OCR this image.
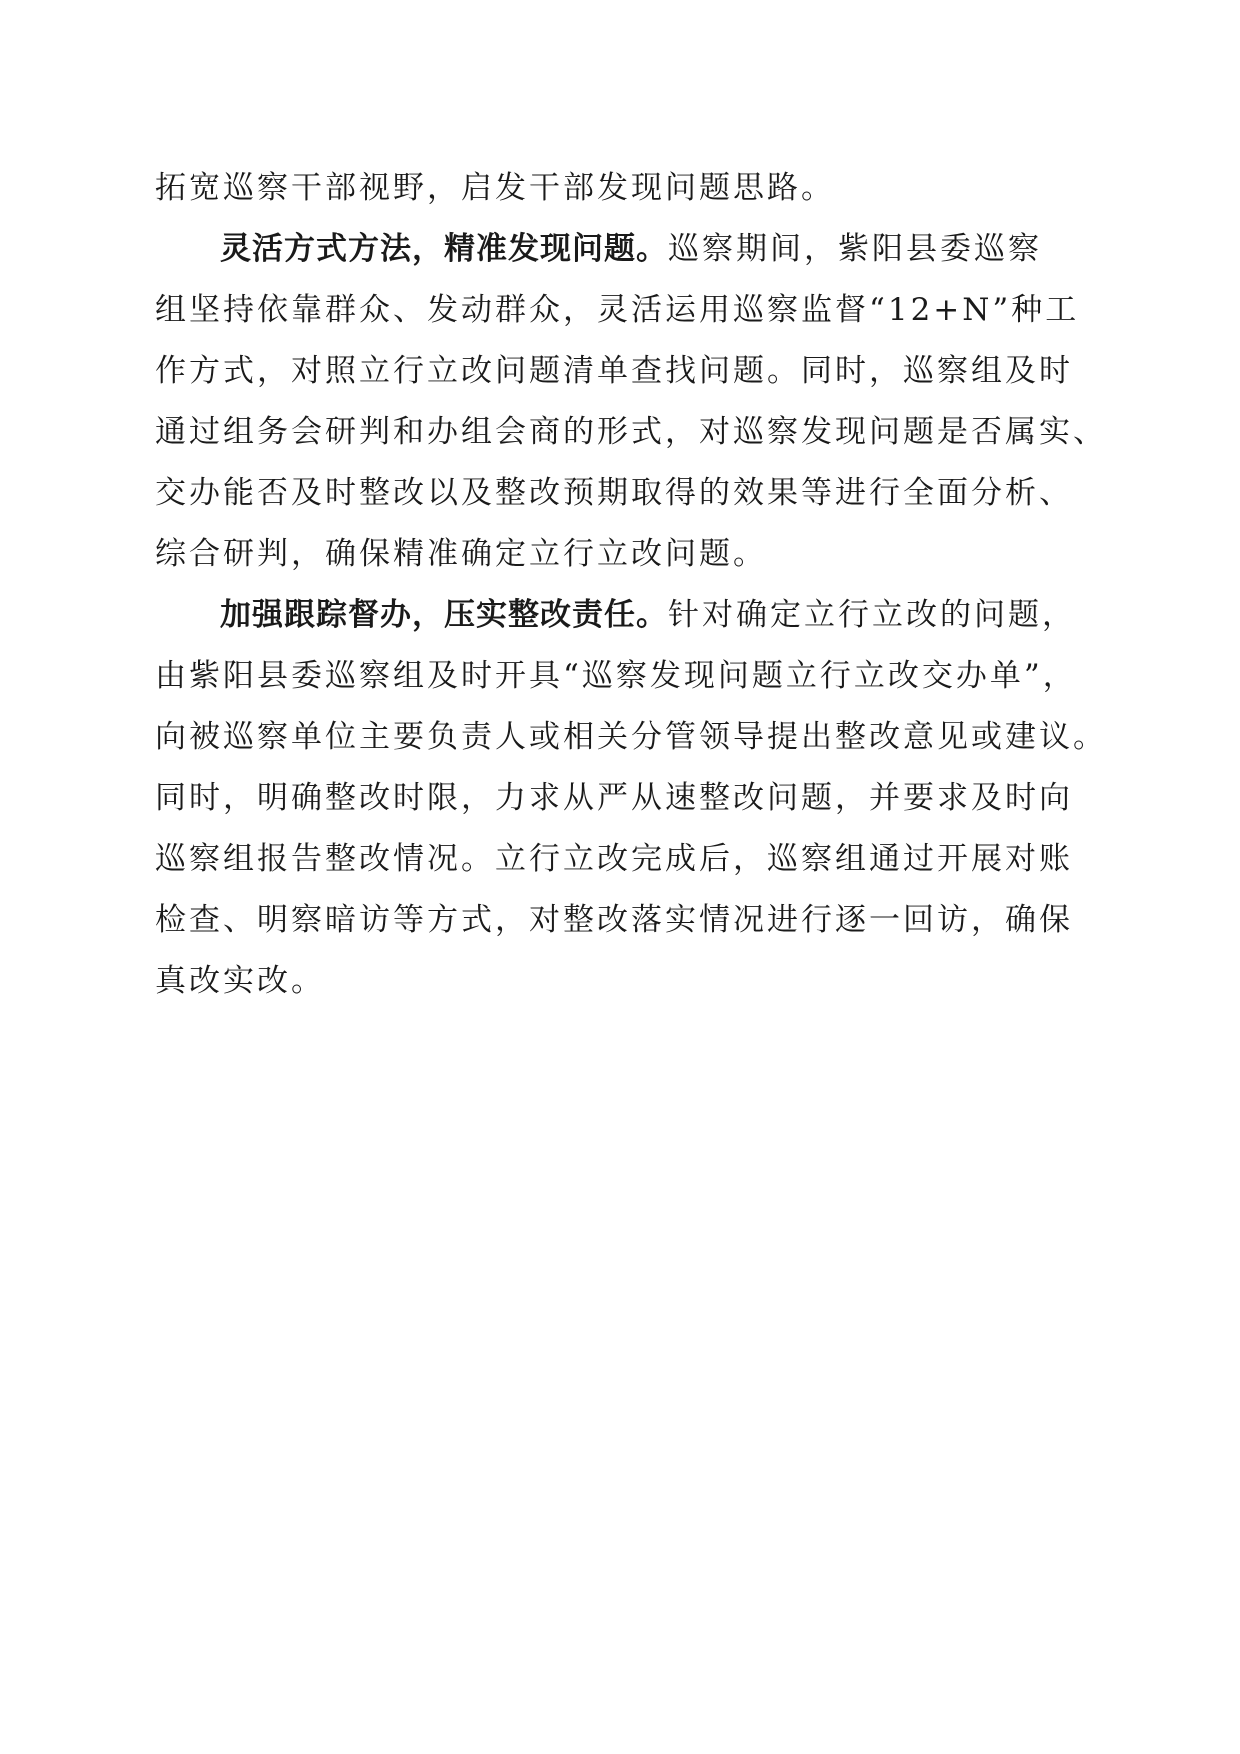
拓宽巡察干部视野，启发干部发现问题思路。
灵活方式方法，精准发现问题。巡察期间，紫阳县委巡察
组坚持依靠群众、发动群众，灵活运用巡察监督“12+N”种工
作方式，对照立行立改问题清单查找问题。同时，巡察组及时
通过组务会研判和办组会商的形式，对巡察发现问题是否属实、
交办能否及时整改以及整改预期取得的效果等进行全面分析、
综合研判，确保精准确定立行立改问题。
加强跟踪督办，压实整改责任。针对确定立行立改的问题，
由紫阳县委巡察组及时开具“巡察发现问题立行立改交办单”，
向被巡察单位主要负责人或相关分管领导提出整改意见或建议。
同时，明确整改时限，力求从严从速整改问题，并要求及时向
巡察组报告整改情况。立行立改完成后，巡察组通过开展对账
检查、明察暗访等方式，对整改落实情况进行逐一回访，确保
真改实改。
